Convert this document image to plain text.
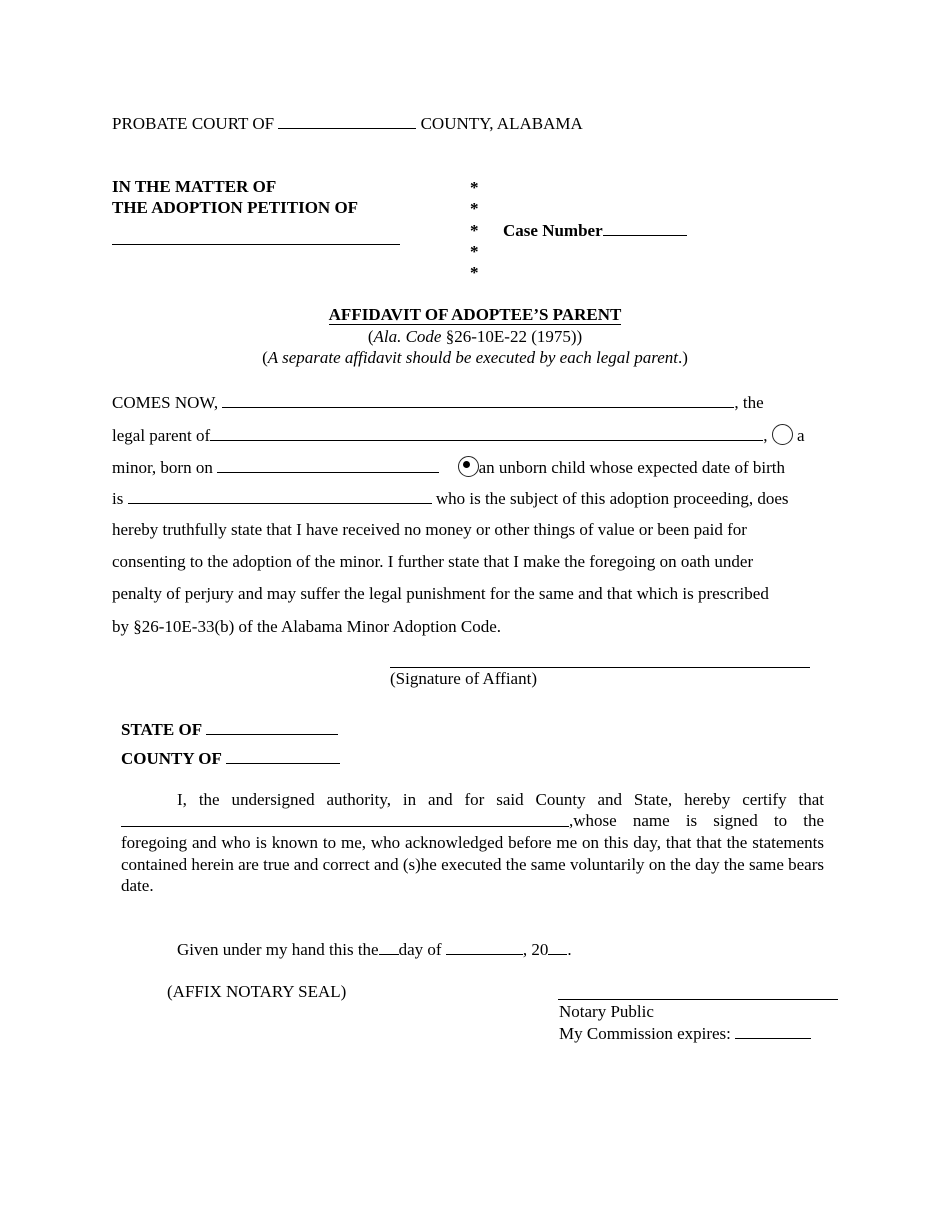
PROBATE COURT OF	COUNTY, ALABAMA
IN THE MATTER OF
THE ADOPTION PETITION OF
*
*
*
*
*
Case Number
AFFIDAVIT OF ADOPTEE’S PARENT
(Ala. Code §26-10E-22 (1975))
(A separate affidavit should be executed by each legal parent.)
COMES NOW,	, the
legal parent of	, a
minor, born on	an unborn child whose expected date of birth
is	who is the subject of this adoption proceeding, does
hereby truthfully state that I have received no money or other things of value or been paid for
consenting to the adoption of the minor. I further state that I make the foregoing on oath under
penalty of perjury and may suffer the legal punishment for the same and that which is prescribed
by §26-10E-33(b) of the Alabama Minor Adoption Code.
(Signature of Affiant)
STATE OF
COUNTY OF
I, the undersigned authority, in and for said County and State, hereby certify that
,whose name is signed to the
foregoing and who is known to me, who acknowledged before me on this day, that that the statements contained herein are true and correct and (s)he executed the same voluntarily on the day the same bears date.
Given under my hand this the day of	, 20 .
(AFFIX NOTARY SEAL)
Notary Public
My Commission expires:
